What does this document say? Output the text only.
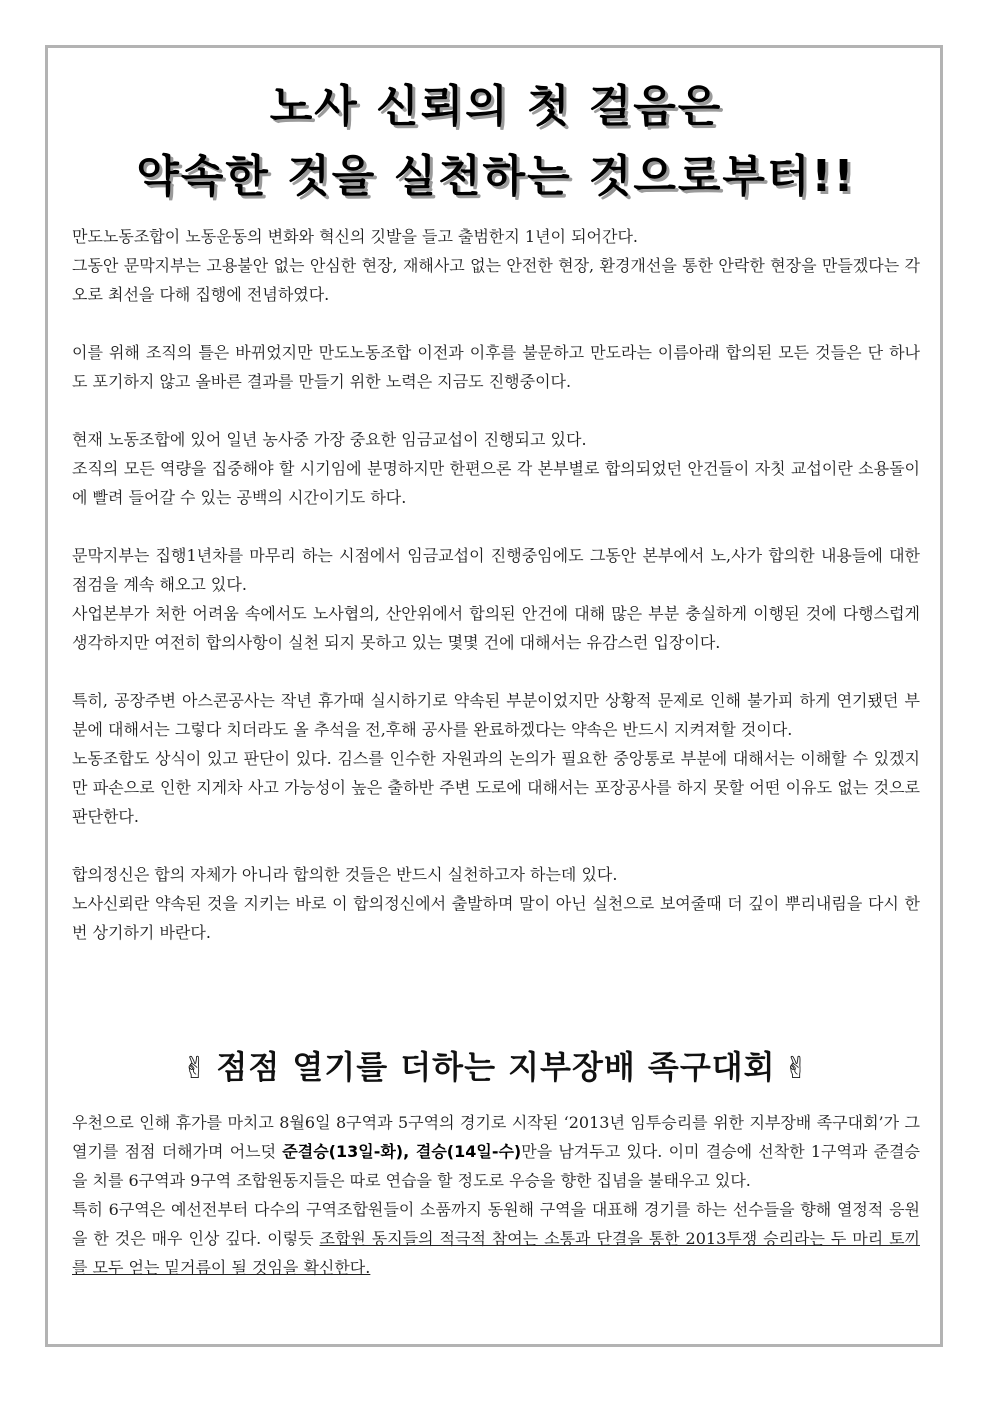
노사 신뢰의 첫 걸음은
약속한 것을 실천하는 것으로부터!!

만도노동조합이 노동운동의 변화와 혁신의 깃발을 들고 출범한지 1년이 되어간다.

그동안 문막지부는 고용불안 없는 안심한 현장, 재해사고 없는 안전한 현장, 환경개선을 통한 안락한 현장을 만들겠다는 각오로 최선을 다해 집행에 전념하였다.

이를 위해 조직의 틀은 바뀌었지만 만도노동조합 이전과 이후를 불문하고 만도라는 이름아래 합의된 모든 것들은 단 하나도 포기하지 않고 올바른 결과를 만들기 위한 노력은 지금도 진행중이다.

현재 노동조합에 있어 일년 농사중 가장 중요한 임금교섭이 진행되고 있다.

조직의 모든 역량을 집중해야 할 시기임에 분명하지만 한편으론 각 본부별로 합의되었던 안건들이 자칫 교섭이란 소용돌이에 빨려 들어갈 수 있는 공백의 시간이기도 하다.

문막지부는 집행1년차를 마무리 하는 시점에서 임금교섭이 진행중임에도 그동안 본부에서 노,사가 합의한 내용들에 대한 점검을 계속 해오고 있다.

사업본부가 처한 어려움 속에서도 노사협의, 산안위에서 합의된 안건에 대해 많은 부분 충실하게 이행된 것에 다행스럽게 생각하지만 여전히 합의사항이 실천 되지 못하고 있는 몇몇 건에 대해서는 유감스런 입장이다.

특히, 공장주변 아스콘공사는 작년 휴가때 실시하기로 약속된 부분이었지만 상황적 문제로 인해 불가피 하게 연기됐던 부분에 대해서는 그렇다 치더라도 올 추석을 전,후해 공사를 완료하겠다는 약속은 반드시 지켜져할 것이다.

노동조합도 상식이 있고 판단이 있다. 김스를 인수한 자원과의 논의가 필요한 중앙통로 부분에 대해서는 이해할 수 있겠지만 파손으로 인한 지게차 사고 가능성이 높은 출하반 주변 도로에 대해서는 포장공사를 하지 못할 어떤 이유도 없는 것으로 판단한다.

합의정신은 합의 자체가 아니라 합의한 것들은 반드시 실천하고자 하는데 있다.

노사신뢰란 약속된 것을 지키는 바로 이 합의정신에서 출발하며 말이 아닌 실천으로 보여줄때 더 깊이 뿌리내림을 다시 한번 상기하기 바란다.

✌ 점점 열기를 더하는 지부장배 족구대회 ✌

우천으로 인해 휴가를 마치고 8월6일 8구역과 5구역의 경기로 시작된 ‘2013년 임투승리를 위한 지부장배 족구대회’가 그 열기를 점점 더해가며 어느덧 준결승(13일-화), 결승(14일-수)만을 남겨두고 있다. 이미 결승에 선착한 1구역과 준결승을 치를 6구역과 9구역 조합원동지들은 따로 연습을 할 정도로 우승을 향한 집념을 불태우고 있다.

특히 6구역은 예선전부터 다수의 구역조합원들이 소품까지 동원해 구역을 대표해 경기를 하는 선수들을 향해 열정적 응원을 한 것은 매우 인상 깊다. 이렇듯 조합원 동지들의 적극적 참여는 소통과 단결을 통한 2013투쟁 승리라는 두 마리 토끼를 모두 얻는 밑거름이 될 것임을 확신한다.
